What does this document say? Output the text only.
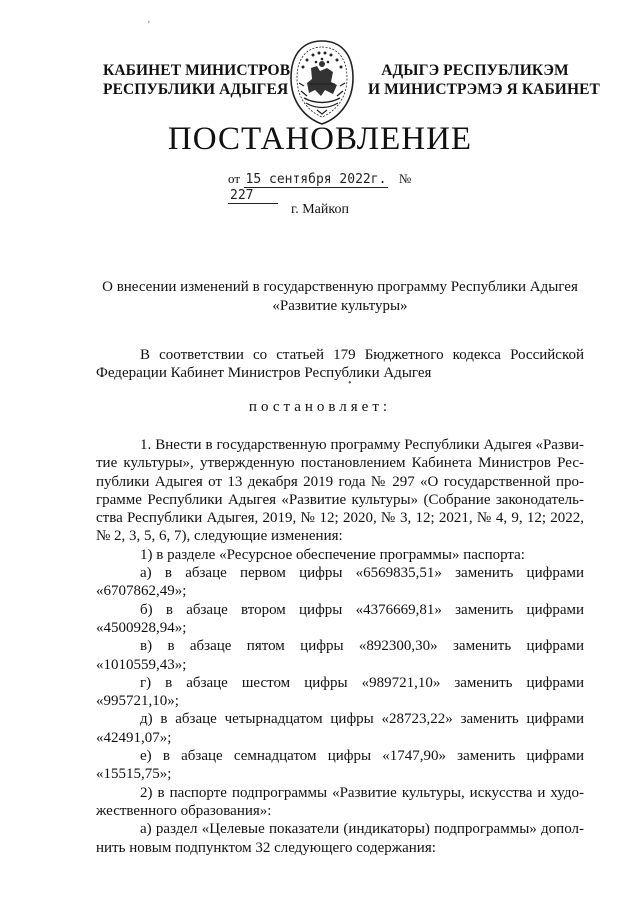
КАБИНЕТ МИНИСТРОВ
РЕСПУБЛИКИ АДЫГЕЯ
АДЫГЭ РЕСПУБЛИКЭМ
И МИНИСТРЭМЭ Я КАБИНЕТ
ПОСТАНОВЛЕНИЕ
от 15 сентября 2022г. № 227
г. Майкоп
О внесении изменений в государственную программу Республики Адыгея
«Развитие культуры»
В соответствии со статьей 179 Бюджетного кодекса Российской
Федерации Кабинет Министров Республики Адыгея
•
'
постановляет:
1. Внести в государственную программу Республики Адыгея «Разви-
тие культуры», утвержденную постановлением Кабинета Министров Рес-
публики Адыгея от 13 декабря 2019 года № 297 «О государственной про-
грамме Республики Адыгея «Развитие культуры» (Собрание законодатель-
ства Республики Адыгея, 2019, № 12; 2020, № 3, 12; 2021, № 4, 9, 12; 2022,
№ 2, 3, 5, 6, 7), следующие изменения:
1) в разделе «Ресурсное обеспечение программы» паспорта:
а) в абзаце первом цифры «6569835,51» заменить цифрами
«6707862,49»;
б) в абзаце втором цифры «4376669,81» заменить цифрами
«4500928,94»;
в) в абзаце пятом цифры «892300,30» заменить цифрами
«1010559,43»;
г) в абзаце шестом цифры «989721,10» заменить цифрами
«995721,10»;
д) в абзаце четырнадцатом цифры «28723,22» заменить цифрами
«42491,07»;
е) в абзаце семнадцатом цифры «1747,90» заменить цифрами
«15515,75»;
2) в паспорте подпрограммы «Развитие культуры, искусства и худо-
жественного образования»:
а) раздел «Целевые показатели (индикаторы) подпрограммы» допол-
нить новым подпунктом 32 следующего содержания:
